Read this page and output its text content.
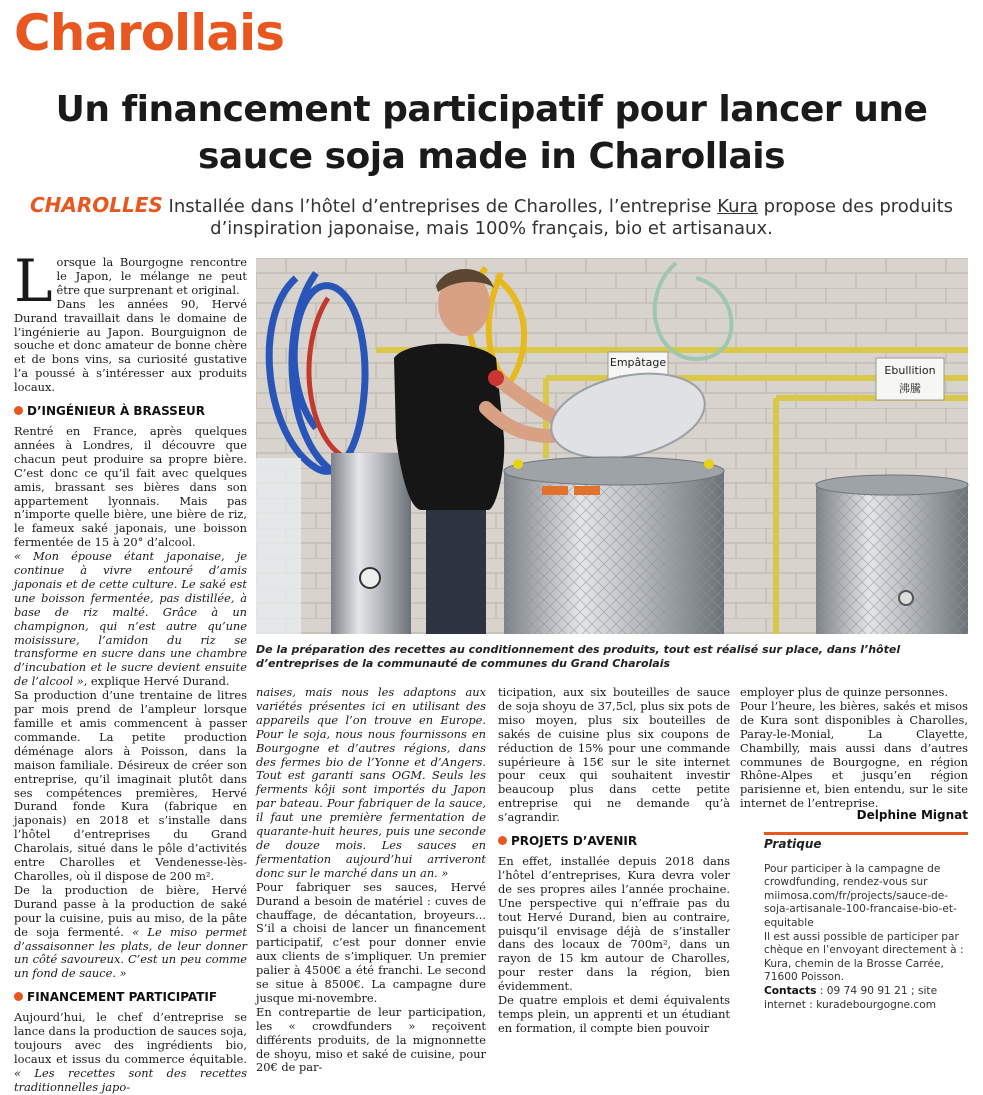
Charollais
Un financement participatif pour lancer une sauce soja made in Charollais
CHAROLLES Installée dans l’hôtel d’entreprises de Charolles, l’entreprise Kura propose des produits d’inspiration japonaise, mais 100% français, bio et artisanaux.

Lorsque la Bourgogne rencontre le Japon, le mélange ne peut être que surprenant et original.

Dans les années 90, Hervé Durand travaillait dans le domaine de l’ingénierie au Japon. Bourguignon de souche et donc amateur de bonne chère et de bons vins, sa curiosité gustative l’a poussé à s’intéresser aux produits locaux.

D’INGÉNIEUR À BRASSEUR

Rentré en France, après quelques années à Londres, il découvre que chacun peut produire sa propre bière. C’est donc ce qu’il fait avec quelques amis, brassant ses bières dans son appartement lyonnais. Mais pas n’importe quelle bière, une bière de riz, le fameux saké japonais, une boisson fermentée de 15 à 20° d’alcool.

« Mon épouse étant japonaise, je continue à vivre entouré d’amis japonais et de cette culture. Le saké est une boisson fermentée, pas distillée, à base de riz malté. Grâce à un champignon, qui n’est autre qu’une moisissure, l’amidon du riz se transforme en sucre dans une chambre d’incubation et le sucre devient ensuite de l’alcool », explique Hervé Durand.

Sa production d’une trentaine de litres par mois prend de l’ampleur lorsque famille et amis commencent à passer commande. La petite production déménage alors à Poisson, dans la maison familiale. Désireux de créer son entreprise, qu’il imaginait plutôt dans ses compétences premières, Hervé Durand fonde Kura (fabrique en japonais) en 2018 et s’installe dans l’hôtel d’entreprises du Grand Charolais, situé dans le pôle d’activités entre Charolles et Vendenesse-lès-Charolles, où il dispose de 200 m².

De la production de bière, Hervé Durand passe à la production de saké pour la cuisine, puis au miso, de la pâte de soja fermenté. « Le miso permet d’assaisonner les plats, de leur donner un côté savoureux. C’est un peu comme un fond de sauce. »

FINANCEMENT PARTICIPATIF

Aujourd’hui, le chef d’entreprise se lance dans la production de sauces soja, toujours avec des ingrédients bio, locaux et issus du commerce équitable. « Les recettes sont des recettes traditionnelles japo-

Empâtage
Ebullition
沸騰
De la préparation des recettes au conditionnement des produits, tout est réalisé sur place, dans l’hôtel d’entreprises de la communauté de communes du Grand Charolais

naises, mais nous les adaptons aux variétés présentes ici en utilisant des appareils que l’on trouve en Europe. Pour le soja, nous nous fournissons en Bourgogne et d’autres régions, dans des fermes bio de l’Yonne et d’Angers. Tout est garanti sans OGM. Seuls les ferments kôji sont importés du Japon par bateau. Pour fabriquer de la sauce, il faut une première fermentation de quarante-huit heures, puis une seconde de douze mois. Les sauces en fermentation aujourd’hui arriveront donc sur le marché dans un an. »

Pour fabriquer ses sauces, Hervé Durand a besoin de matériel : cuves de chauffage, de décantation, broyeurs... S’il a choisi de lancer un financement participatif, c’est pour donner envie aux clients de s’impliquer. Un premier palier à 4500€ a été franchi. Le second se situe à 8500€. La campagne dure jusque mi-novembre.

En contrepartie de leur participation, les « crowdfunders » reçoivent différents produits, de la mignonnette de shoyu, miso et saké de cuisine, pour 20€ de par-

ticipation, aux six bouteilles de sauce de soja shoyu de 37,5cl, plus six pots de miso moyen, plus six bouteilles de sakés de cuisine plus six coupons de réduction de 15% pour une commande supérieure à 15€ sur le site internet pour ceux qui souhaitent investir beaucoup plus dans cette petite entreprise qui ne demande qu’à s’agrandir.

PROJETS D’AVENIR

En effet, installée depuis 2018 dans l’hôtel d’entreprises, Kura devra voler de ses propres ailes l’année prochaine. Une perspective qui n’effraie pas du tout Hervé Durand, bien au contraire, puisqu’il envisage déjà de s’installer dans des locaux de 700m², dans un rayon de 15 km autour de Charolles, pour rester dans la région, bien évidemment.

De quatre emplois et demi équivalents temps plein, un apprenti et un étudiant en formation, il compte bien pouvoir

employer plus de quinze personnes.

Pour l’heure, les bières, sakés et misos de Kura sont disponibles à Charolles, Paray-le-Monial, La Clayette, Chambilly, mais aussi dans d’autres communes de Bourgogne, en région Rhône-Alpes et jusqu’en région parisienne et, bien entendu, sur le site internet de l’entreprise.

Delphine Mignat
Pratique

Pour participer à la campagne de crowdfunding, rendez-vous sur miimosa.com/fr/projects/sauce-de-soja-artisanale-100-francaise-bio-et-equitable

Il est aussi possible de participer par chèque en l’envoyant directement à : Kura, chemin de la Brosse Carrée, 71600 Poisson.

Contacts : 09 74 90 91 21 ; site internet : kuradebourgogne.com
